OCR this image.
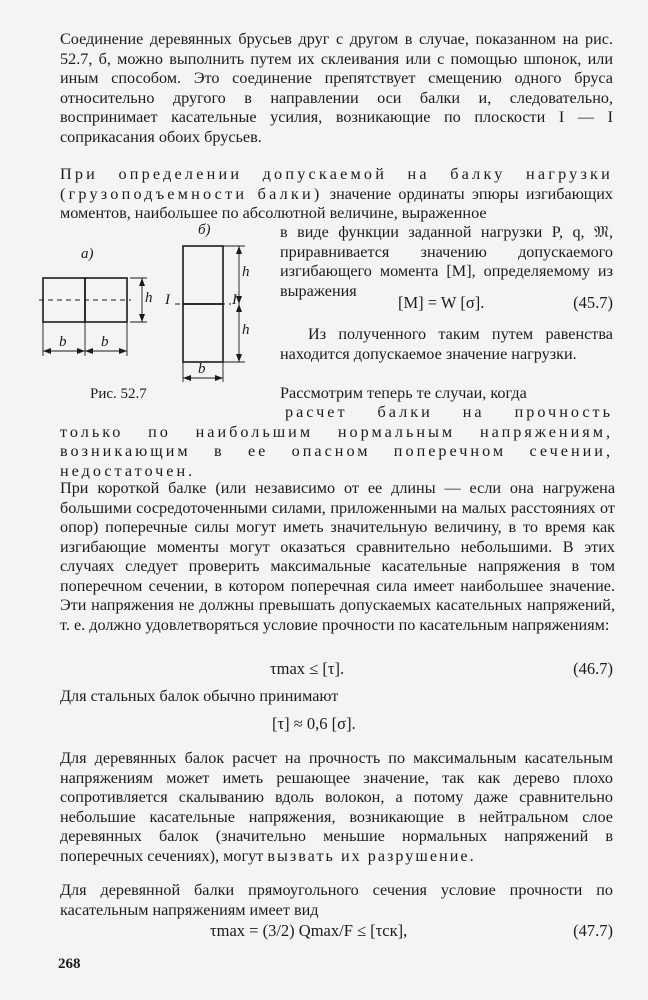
Соединение деревянных брусьев друг с другом в случае, показанном на рис. 52.7, б, можно выполнить путем их склеивания или с помощью шпонок, или иным способом. Это соединение препятствует смещению одного бруса относительно другого в направлении оси балки и, следовательно, воспринимает касательные усилия, возникающие по плоскости I — I соприкасания обоих брусьев.

При определении допускаемой на балку нагрузки (грузоподъемности балки) значение ординаты эпюры изгибающих моментов, наибольшее по абсолютной величине, выраженное

а)
б)
b b
h I	I
h
h
b
Рис. 52.7

в виде функции заданной нагрузки P, q, 𝔐, приравнивается значению допускаемого изгибающего момента [M], определяемому из выражения

[M] = W [σ].	(45.7)

Из полученного таким путем равенства находится допускаемое значение нагрузки.

Рассмотрим теперь те случаи, когда

расчет балки на прочность только по наибольшим нормальным напряжениям, возникающим в ее опасном поперечном сечении, недостаточен.

При короткой балке (или независимо от ее длины — если она нагружена большими сосредоточенными силами, приложенными на малых расстояниях от опор) поперечные силы могут иметь значительную величину, в то время как изгибающие моменты могут оказаться сравнительно небольшими. В этих случаях следует проверить максимальные касательные напряжения в том поперечном сечении, в котором поперечная сила имеет наибольшее значение. Эти напряжения не должны превышать допускаемых касательных напряжений, т. е. должно удовлетворяться условие прочности по касательным напряжениям:

τmax ≤ [τ].	(46.7)

Для стальных балок обычно принимают

[τ] ≈ 0,6 [σ].

Для деревянных балок расчет на прочность по максимальным касательным напряжениям может иметь решающее значение, так как дерево плохо сопротивляется скалыванию вдоль волокон, а потому даже сравнительно небольшие касательные напряжения, возникающие в нейтральном слое деревянных балок (значительно меньшие нормальных напряжений в поперечных сечениях), могут вызвать их разрушение.

Для деревянной балки прямоугольного сечения условие прочности по касательным напряжениям имеет вид

τmax = (3/2) Qmax/F ≤ [τск],	(47.7)
268
